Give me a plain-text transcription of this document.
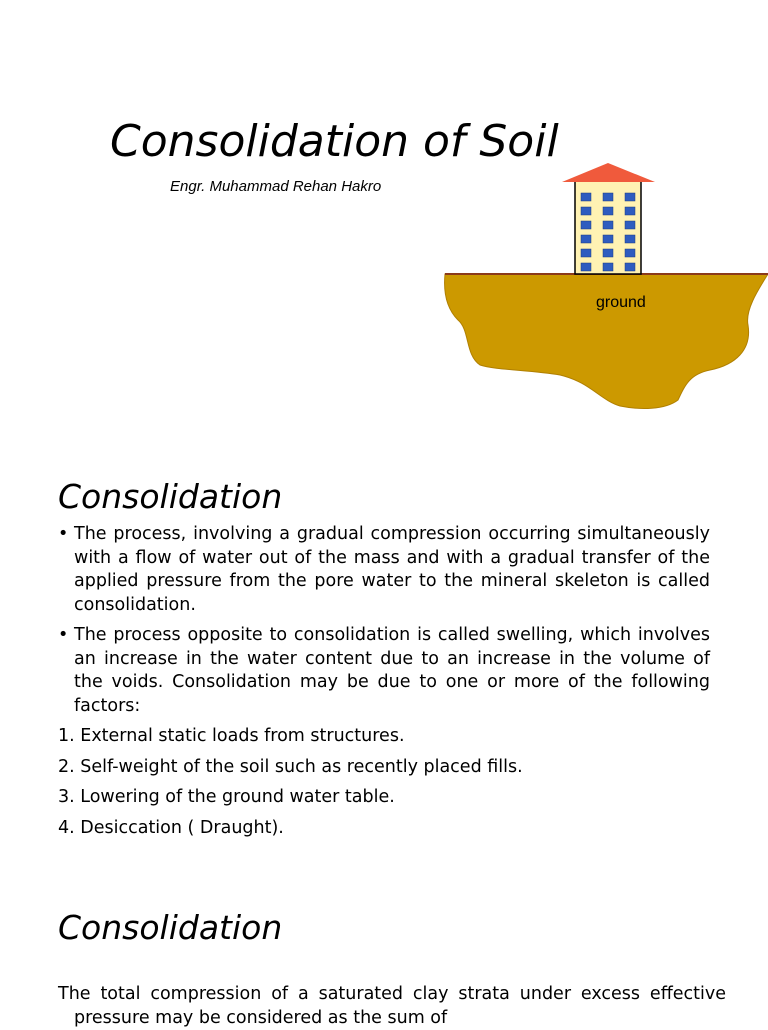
Consolidation of Soil
Engr. Muhammad Rehan Hakro
ground
Consolidation
• The process, involving a gradual compression occurring simultaneously with a flow of water out of the mass and with a gradual transfer of the applied pressure from the pore water to the mineral skeleton is called consolidation.
• The process opposite to consolidation is called swelling, which involves an increase in the water content due to an increase in the volume of the voids. Consolidation may be due to one or more of the following factors:
1. External static loads from structures.
2. Self-weight of the soil such as recently placed fills.
3. Lowering of the ground water table.
4. Desiccation ( Draught).
Consolidation
The total compression of a saturated clay strata under excess effective pressure may be considered as the sum of
